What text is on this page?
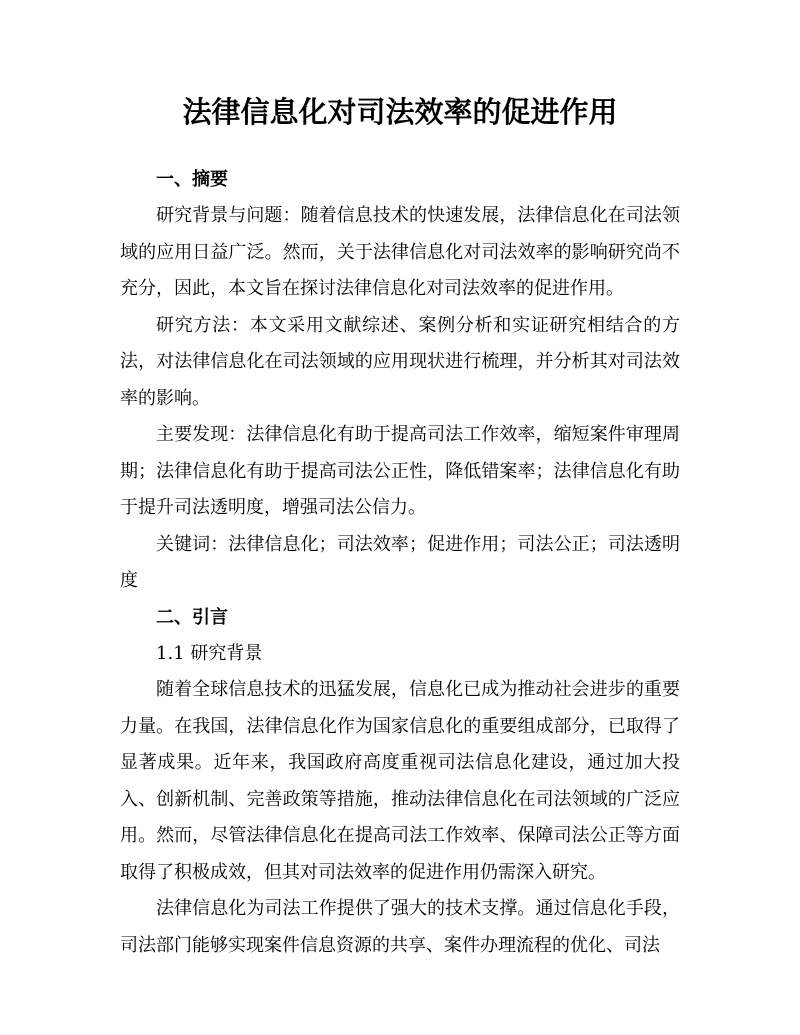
法律信息化对司法效率的促进作用
一、摘要

研究背景与问题：随着信息技术的快速发展，法律信息化在司法领域的应用日益广泛。然而，关于法律信息化对司法效率的影响研究尚不充分，因此，本文旨在探讨法律信息化对司法效率的促进作用。

研究方法：本文采用文献综述、案例分析和实证研究相结合的方法，对法律信息化在司法领域的应用现状进行梳理，并分析其对司法效率的影响。

主要发现：法律信息化有助于提高司法工作效率，缩短案件审理周期；法律信息化有助于提高司法公正性，降低错案率；法律信息化有助于提升司法透明度，增强司法公信力。

关键词：法律信息化；司法效率；促进作用；司法公正；司法透明度

二、引言

1.1 研究背景

随着全球信息技术的迅猛发展，信息化已成为推动社会进步的重要力量。在我国，法律信息化作为国家信息化的重要组成部分，已取得了显著成果。近年来，我国政府高度重视司法信息化建设，通过加大投入、创新机制、完善政策等措施，推动法律信息化在司法领域的广泛应用。然而，尽管法律信息化在提高司法工作效率、保障司法公正等方面取得了积极成效，但其对司法效率的促进作用仍需深入研究。

法律信息化为司法工作提供了强大的技术支撑。通过信息化手段，司法部门能够实现案件信息资源的共享、案件办理流程的优化、司法
